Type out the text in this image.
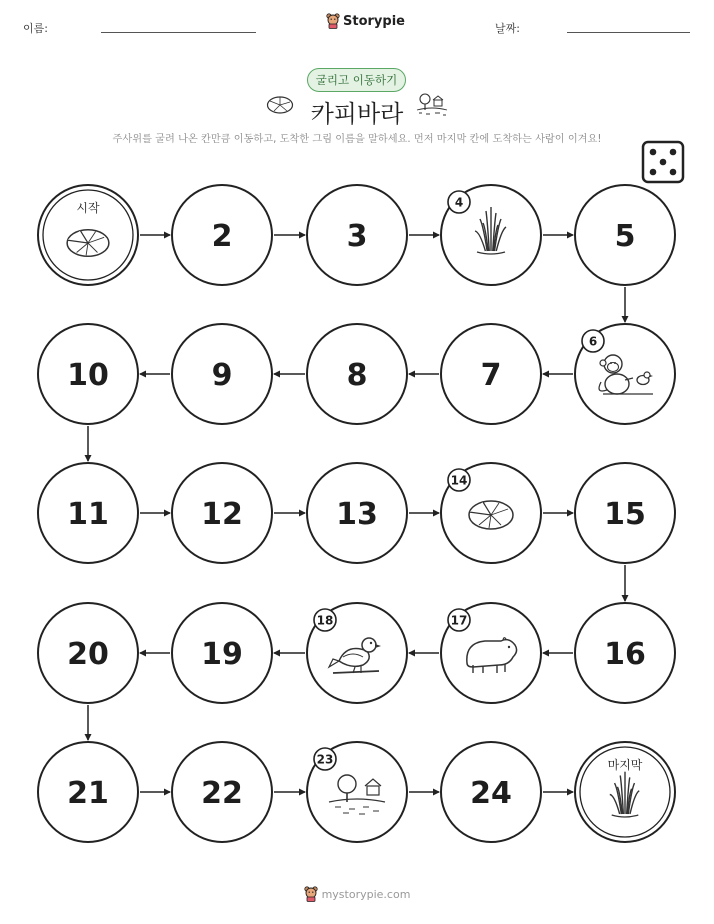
이름:	Storypie	날짜:
굴리고 이동하기
카피바라
주사위를 굴려 나온 칸만큼 이동하고, 도착한 그림 이름을 말하세요. 먼저 마지막 칸에 도착하는 사람이 이겨요!
시작
2	3
4
5
6
7
8
9
10
11	12	13
14
15
16
17
18
19
20
21	22
23
24
마지막
mystorypie.com
